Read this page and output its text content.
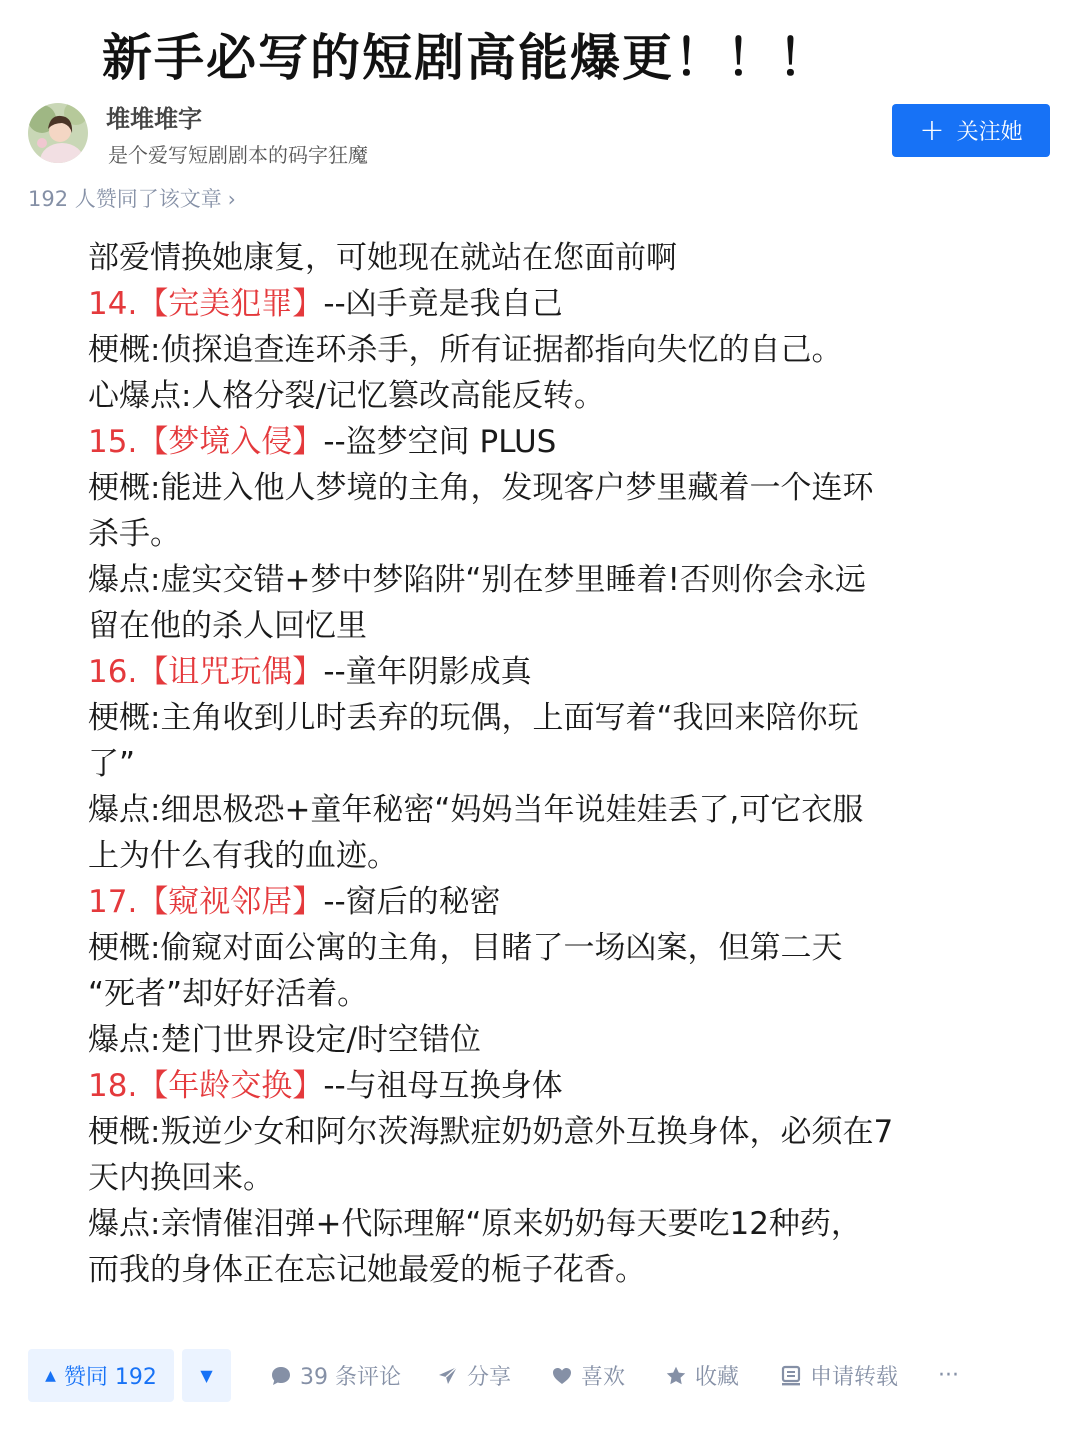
新手必写的短剧高能爆更！！！
堆堆堆字
是个爱写短剧剧本的码字狂魔
+ 关注她
192 人赞同了该文章 ›
部爱情换她康复，可她现在就站在您面前啊
14.【完美犯罪】--凶手竟是我自己
梗概:侦探追查连环杀手，所有证据都指向失忆的自己。
心爆点:人格分裂/记忆篡改高能反转。
15.【梦境入侵】--盗梦空间 PLUS
梗概:能进入他人梦境的主角，发现客户梦里藏着一个连环
杀手。
爆点:虚实交错+梦中梦陷阱“别在梦里睡着!否则你会永远
留在他的杀人回忆里
16.【诅咒玩偶】--童年阴影成真
梗概:主角收到儿时丢弃的玩偶，上面写着“我回来陪你玩
了”
爆点:细思极恐+童年秘密“妈妈当年说娃娃丢了,可它衣服
上为什么有我的血迹。
17.【窥视邻居】--窗后的秘密
梗概:偷窥对面公寓的主角，目睹了一场凶案，但第二天
“死者”却好好活着。
爆点:楚门世界设定/时空错位
18.【年龄交换】--与祖母互换身体
梗概:叛逆少女和阿尔茨海默症奶奶意外互换身体，必须在7
天内换回来。
爆点:亲情催泪弹+代际理解“原来奶奶每天要吃12种药，
而我的身体正在忘记她最爱的栀子花香。
▲ 赞同 192	▼	39 条评论	分享	喜欢	收藏	申请转载 ···
